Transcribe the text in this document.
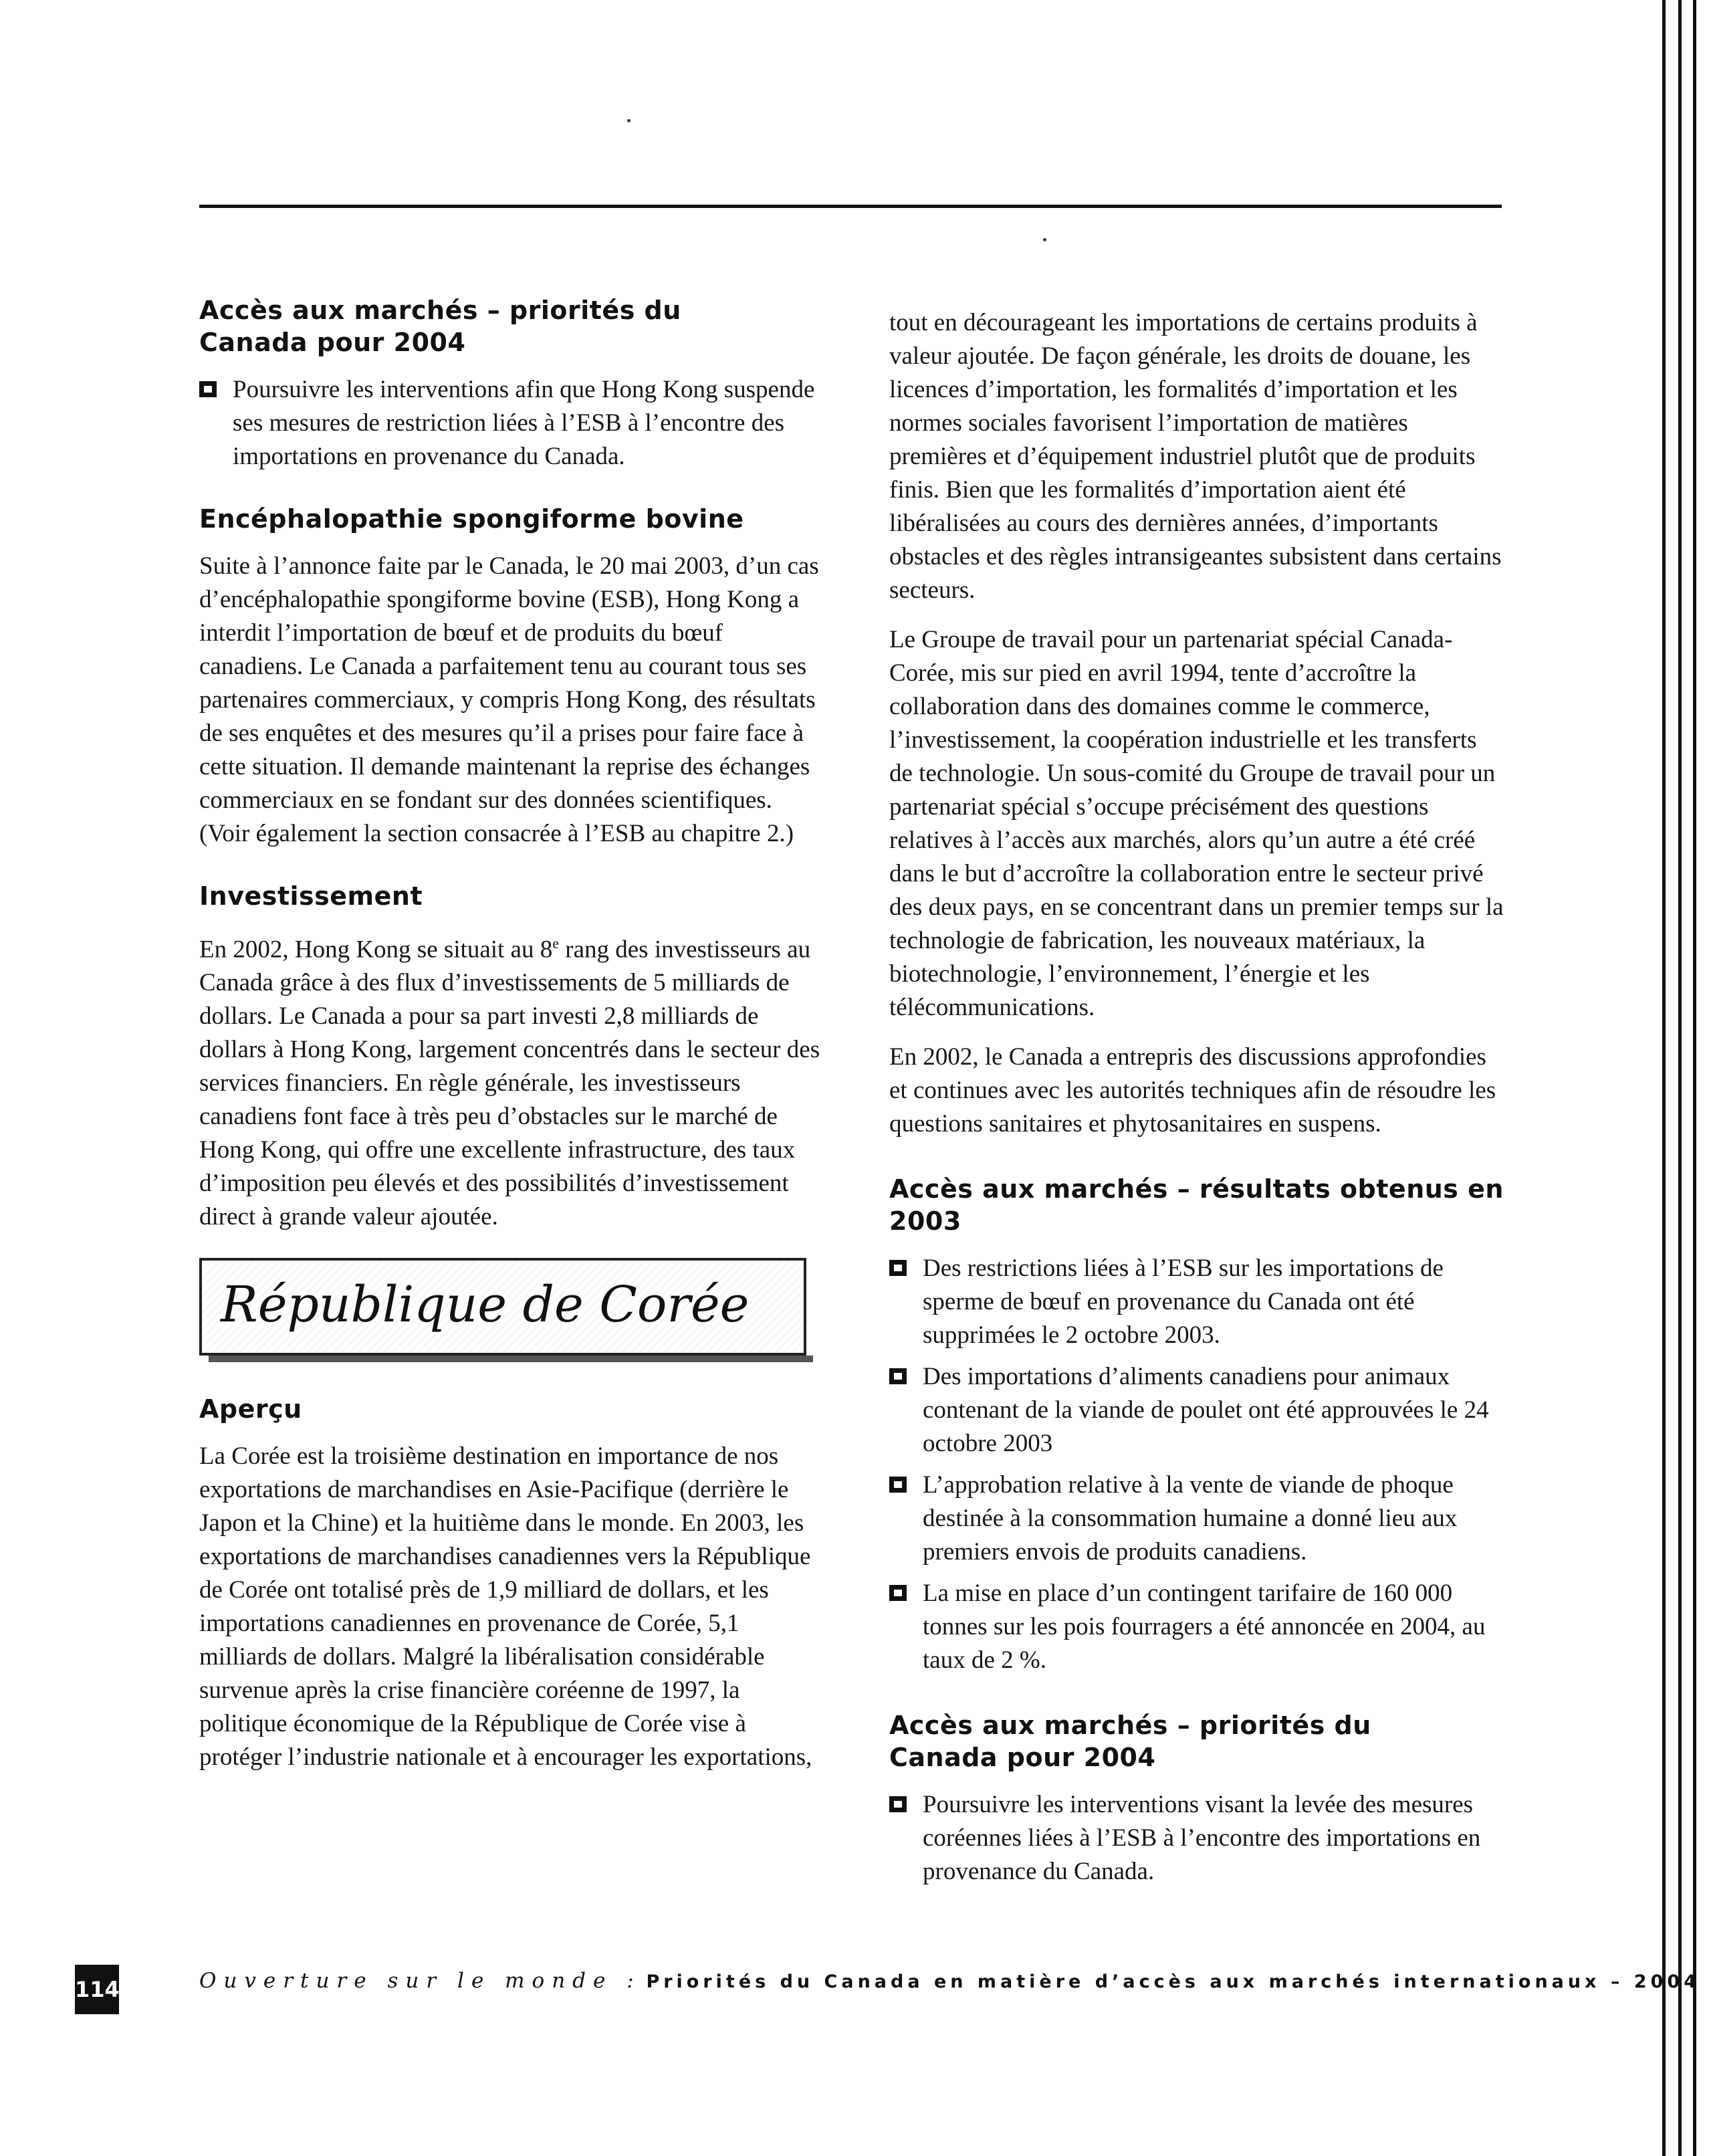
Accès aux marchés – priorités du
Canada pour 2004
Poursuivre les interventions afin que Hong Kong suspende ses mesures de restriction liées à l’ESB à l’encontre des importations en provenance du Canada.
Encéphalopathie spongiforme bovine

Suite à l’annonce faite par le Canada, le 20 mai 2003, d’un cas d’encéphalopathie spongiforme bovine (ESB), Hong Kong a interdit l’importation de bœuf et de produits du bœuf canadiens. Le Canada a parfaitement tenu au courant tous ses partenaires commerciaux, y compris Hong Kong, des résultats de ses enquêtes et des mesures qu’il a prises pour faire face à cette situation. Il demande maintenant la reprise des échanges commerciaux en se fondant sur des données scientifiques. (Voir également la section consacrée à l’ESB au chapitre 2.)

Investissement

En 2002, Hong Kong se situait au 8e rang des investisseurs au Canada grâce à des flux d’investissements de 5 milliards de dollars. Le Canada a pour sa part investi 2,8 milliards de dollars à Hong Kong, largement concentrés dans le secteur des services financiers. En règle générale, les investisseurs canadiens font face à très peu d’obstacles sur le marché de Hong Kong, qui offre une excellente infrastructure, des taux d’imposition peu élevés et des possibilités d’investissement direct à grande valeur ajoutée.

République de Corée
Aperçu

La Corée est la troisième destination en importance de nos exportations de marchandises en Asie-Pacifique (derrière le Japon et la Chine) et la huitième dans le monde. En 2003, les exportations de marchandises canadiennes vers la République de Corée ont totalisé près de 1,9 milliard de dollars, et les importations canadiennes en provenance de Corée, 5,1 milliards de dollars. Malgré la libéralisation considérable survenue après la crise financière coréenne de 1997, la politique économique de la République de Corée vise à protéger l’industrie nationale et à encourager les exportations,

tout en décourageant les importations de certains produits à valeur ajoutée. De façon générale, les droits de douane, les licences d’importation, les formalités d’importation et les normes sociales favorisent l’importation de matières premières et d’équipement industriel plutôt que de produits finis. Bien que les formalités d’importation aient été libéralisées au cours des dernières années, d’importants obstacles et des règles intransigeantes subsistent dans certains secteurs.

Le Groupe de travail pour un partenariat spécial Canada-Corée, mis sur pied en avril 1994, tente d’accroître la collaboration dans des domaines comme le commerce, l’investissement, la coopération industrielle et les transferts de technologie. Un sous-comité du Groupe de travail pour un partenariat spécial s’occupe précisément des questions relatives à l’accès aux marchés, alors qu’un autre a été créé dans le but d’accroître la collaboration entre le secteur privé des deux pays, en se concentrant dans un premier temps sur la technologie de fabrication, les nouveaux matériaux, la biotechnologie, l’environnement, l’énergie et les télécommunications.

En 2002, le Canada a entrepris des discussions approfondies et continues avec les autorités techniques afin de résoudre les questions sanitaires et phytosanitaires en suspens.

Accès aux marchés – résultats obtenus en 2003
Des restrictions liées à l’ESB sur les importations de sperme de bœuf en provenance du Canada ont été supprimées le 2 octobre 2003.
Des importations d’aliments canadiens pour animaux contenant de la viande de poulet ont été approuvées le 24 octobre 2003
L’approbation relative à la vente de viande de phoque destinée à la consommation humaine a donné lieu aux premiers envois de produits canadiens.
La mise en place d’un contingent tarifaire de 160 000 tonnes sur les pois fourragers a été annoncée en 2004, au taux de 2 %.
Accès aux marchés – priorités du
Canada pour 2004
Poursuivre les interventions visant la levée des mesures coréennes liées à l’ESB à l’encontre des importations en provenance du Canada.
114	Ouverture sur le monde : Priorités du Canada en matière d’accès aux marchés internationaux – 2004
